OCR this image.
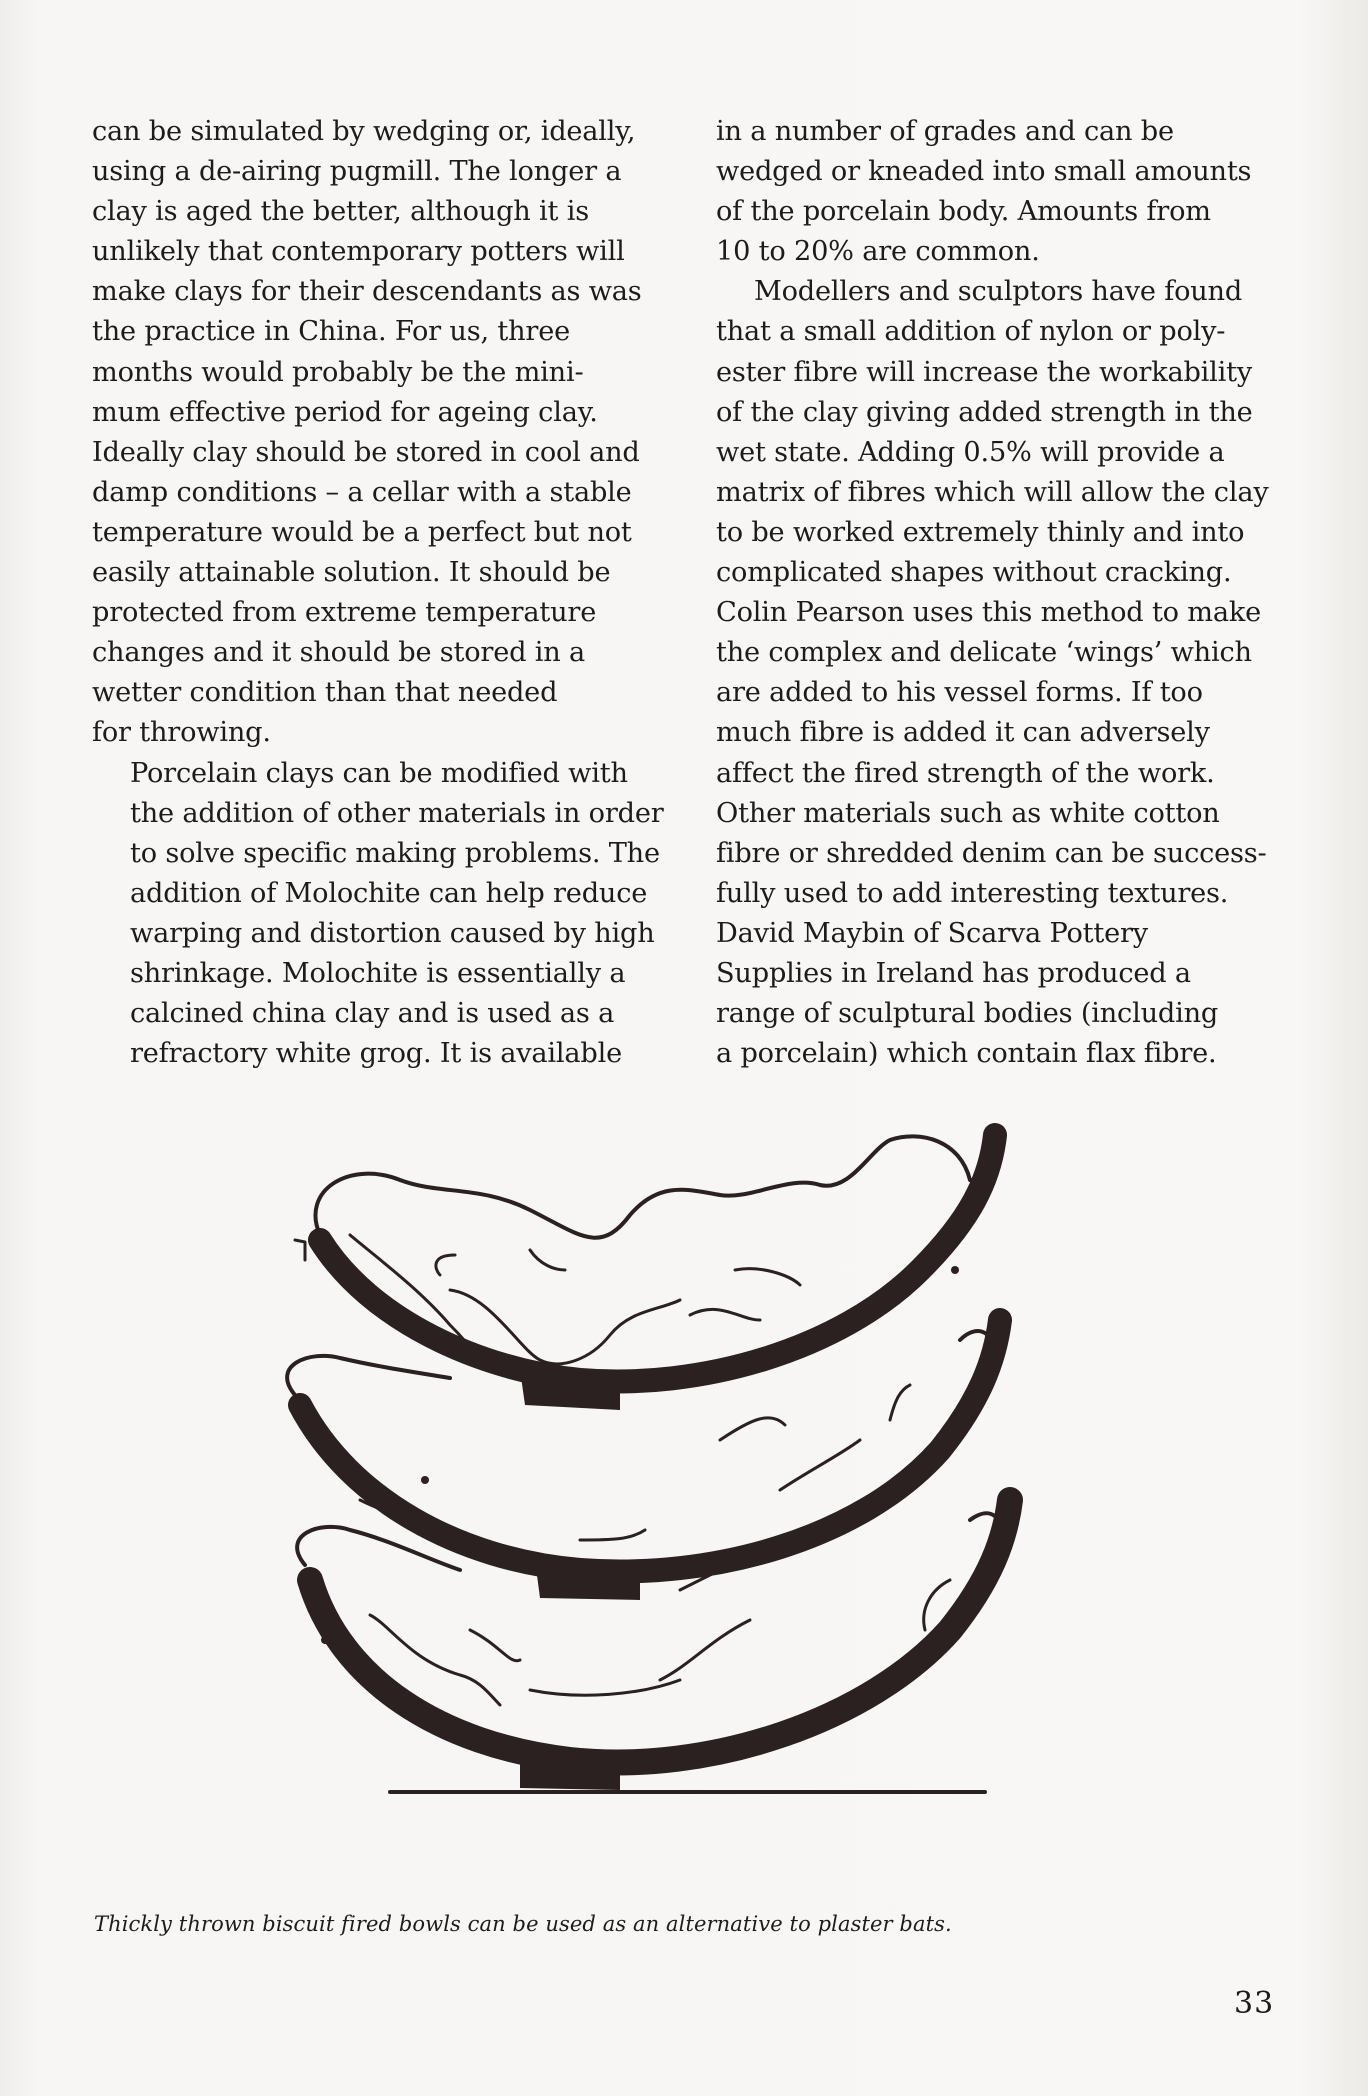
can be simulated by wedging or, ideally,
using a de-airing pugmill. The longer a
clay is aged the better, although it is
unlikely that contemporary potters will
make clays for their descendants as was
the practice in China. For us, three
months would probably be the mini-
mum effective period for ageing clay.
Ideally clay should be stored in cool and
damp conditions – a cellar with a stable
temperature would be a perfect but not
easily attainable solution. It should be
protected from extreme temperature
changes and it should be stored in a
wetter condition than that needed
for throwing.

Porcelain clays can be modified with
the addition of other materials in order
to solve specific making problems. The
addition of Molochite can help reduce
warping and distortion caused by high
shrinkage. Molochite is essentially a
calcined china clay and is used as a
refractory white grog. It is available

in a number of grades and can be
wedged or kneaded into small amounts
of the porcelain body. Amounts from
10 to 20% are common.

Modellers and sculptors have found
that a small addition of nylon or poly-
ester fibre will increase the workability
of the clay giving added strength in the
wet state. Adding 0.5% will provide a
matrix of fibres which will allow the clay
to be worked extremely thinly and into
complicated shapes without cracking.
Colin Pearson uses this method to make
the complex and delicate ‘wings’ which
are added to his vessel forms. If too
much fibre is added it can adversely
affect the fired strength of the work.
Other materials such as white cotton
fibre or shredded denim can be success-
fully used to add interesting textures.
David Maybin of Scarva Pottery
Supplies in Ireland has produced a
range of sculptural bodies (including
a porcelain) which contain flax fibre.

Thickly thrown biscuit fired bowls can be used as an alternative to plaster bats.
33
